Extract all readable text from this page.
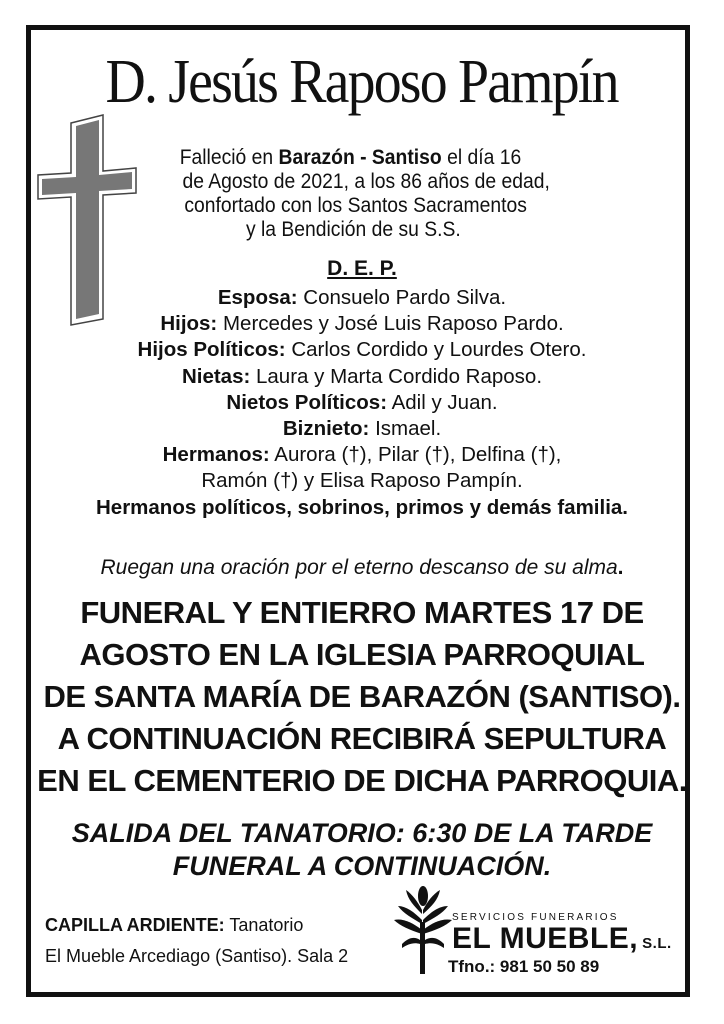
D. Jesús Raposo Pampín
Falleció en Barazón - Santiso el día 16
de Agosto de 2021, a los 86 años de edad,
confortado con los Santos Sacramentos
y la Bendición de su S.S.
D. E. P.
Esposa: Consuelo Pardo Silva.
Hijos: Mercedes y José Luis Raposo Pardo.
Hijos Políticos: Carlos Cordido y Lourdes Otero.
Nietas: Laura y Marta Cordido Raposo.
Nietos Políticos: Adil y Juan.
Biznieto: Ismael.
Hermanos: Aurora (†), Pilar (†), Delfina (†),
Ramón (†) y Elisa Raposo Pampín.
Hermanos políticos, sobrinos, primos y demás familia.
Ruegan una oración por el eterno descanso de su alma.
FUNERAL Y ENTIERRO MARTES 17 DE
AGOSTO EN LA IGLESIA PARROQUIAL
DE SANTA MARÍA DE BARAZÓN (SANTISO).
A CONTINUACIÓN RECIBIRÁ SEPULTURA
EN EL CEMENTERIO DE DICHA PARROQUIA.
SALIDA DEL TANATORIO: 6:30 DE LA TARDE
FUNERAL A CONTINUACIÓN.
CAPILLA ARDIENTE: Tanatorio
El Mueble Arcediago (Santiso). Sala 2
SERVICIOS FUNERARIOS
EL MUEBLE, S.L.
Tfno.: 981 50 50 89
